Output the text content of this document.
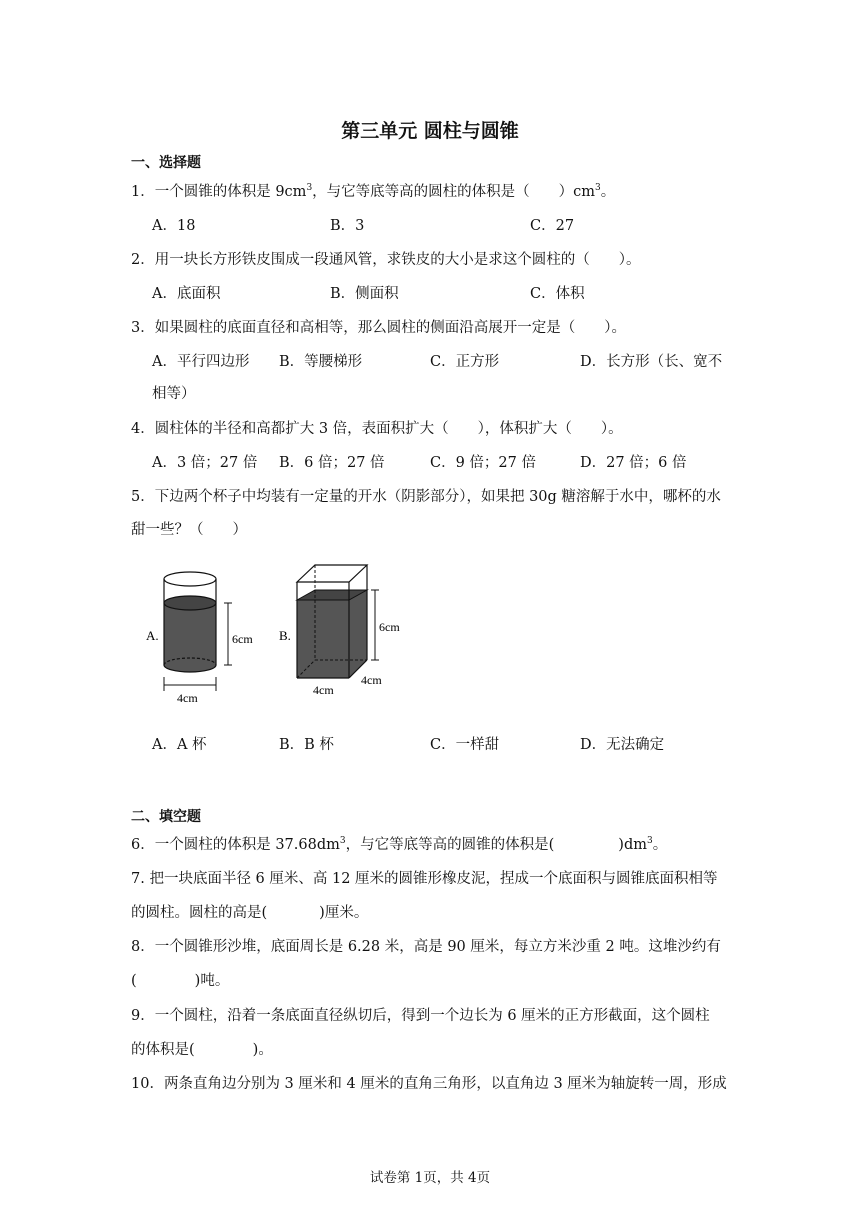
第三单元 圆柱与圆锥
一、选择题
1．一个圆锥的体积是 $9cm^3$，与它等底等高的圆柱的体积是（　　）$cm^3$。
A．18	B．3	C．27
2．用一块长方形铁皮围成一段通风管，求铁皮的大小是求这个圆柱的（　　）。
A．底面积	B．侧面积	C．体积
3．如果圆柱的底面直径和高相等，那么圆柱的侧面沿高展开一定是（　　）。
A．平行四边形 B．等腰梯形	C．正方形	D．长方形（长、宽不
相等）
4．圆柱体的半径和高都扩大 3 倍，表面积扩大（　　），体积扩大（　　）。
A．3 倍；27 倍 B．6 倍；27 倍	C．9 倍；27 倍	D．27 倍；6 倍
5．下边两个杯子中均装有一定量的开水（阴影部分），如果把 30g 糖溶解于水中，哪杯的水
甜一些？（　　）
A.	6cm
4cm
B.
6cm
4cm
4cm
A．A 杯	B．B 杯	C．一样甜	D．无法确定
二、填空题
6．一个圆柱的体积是 $37.68dm^3$，与它等底等高的圆锥的体积是(	)$dm^3$。
7. 把一块底面半径 6 厘米、高 12 厘米的圆锥形橡皮泥，捏成一个底面积与圆锥底面积相等
的圆柱。圆柱的高是(	)厘米。
8．一个圆锥形沙堆，底面周长是 6.28 米，高是 90 厘米，每立方米沙重 2 吨。这堆沙约有
(	)吨。
9．一个圆柱，沿着一条底面直径纵切后，得到一个边长为 6 厘米的正方形截面，这个圆柱
的体积是(	)。
10．两条直角边分别为 3 厘米和 4 厘米的直角三角形，以直角边 3 厘米为轴旋转一周，形成
试卷第 1页，共 4页
